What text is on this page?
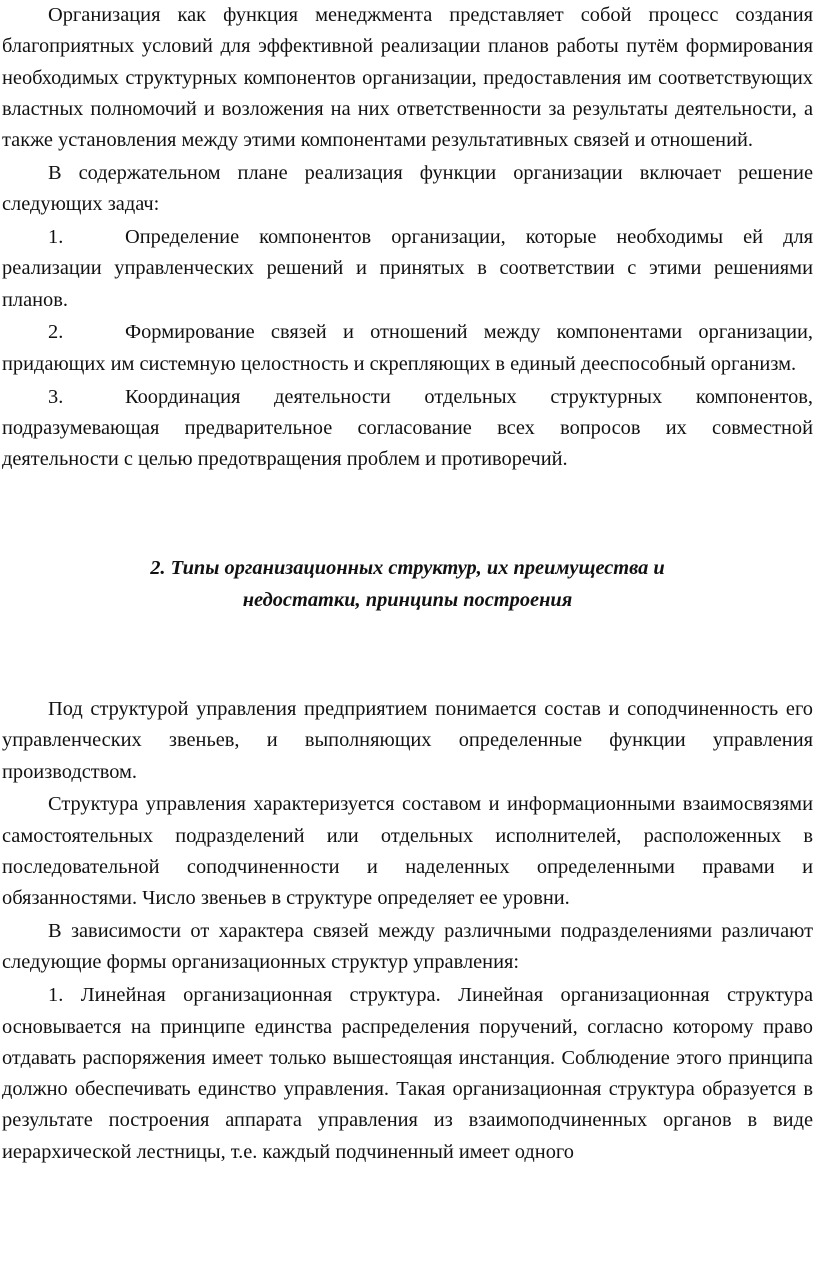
Организация как функция менеджмента представляет собой процесс создания благоприятных условий для эффективной реализации планов работы путём формирования необходимых структурных компонентов организации, предоставления им соответствующих властных полномочий и возложения на них ответственности за результаты деятельности, а также установления между этими компонентами результативных связей и отношений.

В содержательном плане реализация функции организации включает решение следующих задач:

1.	Определение компонентов организации, которые необходимы ей для реализации управленческих решений и принятых в соответствии с этими решениями планов.
2.	Формирование связей и отношений между компонентами организации, придающих им системную целостность и скрепляющих в единый дееспособный организм.
3.	Координация деятельности отдельных структурных компонентов, подразумевающая предварительное согласование всех вопросов их совместной деятельности с целью предотвращения проблем и противоречий.
2. Типы организационных структур, их преимущества и
недостатки, принципы построения

Под структурой управления предприятием понимается состав и соподчиненность его управленческих звеньев, и выполняющих определенные функции управления производством.

Структура управления характеризуется составом и информационными взаимосвязями самостоятельных подразделений или отдельных исполнителей, расположенных в последовательной соподчиненности и наделенных определенными правами и обязанностями. Число звеньев в структуре определяет ее уровни.

В зависимости от характера связей между различными подразделениями различают следующие формы организационных структур управления:

1. Линейная организационная структура. Линейная организационная структура основывается на принципе единства распределения поручений, согласно которому право отдавать распоряжения имеет только вышестоящая инстанция. Соблюдение этого принципа должно обеспечивать единство управления. Такая организационная структура образуется в результате построения аппарата управления из взаимоподчиненных органов в виде иерархической лестницы, т.е. каждый подчиненный имеет одного
